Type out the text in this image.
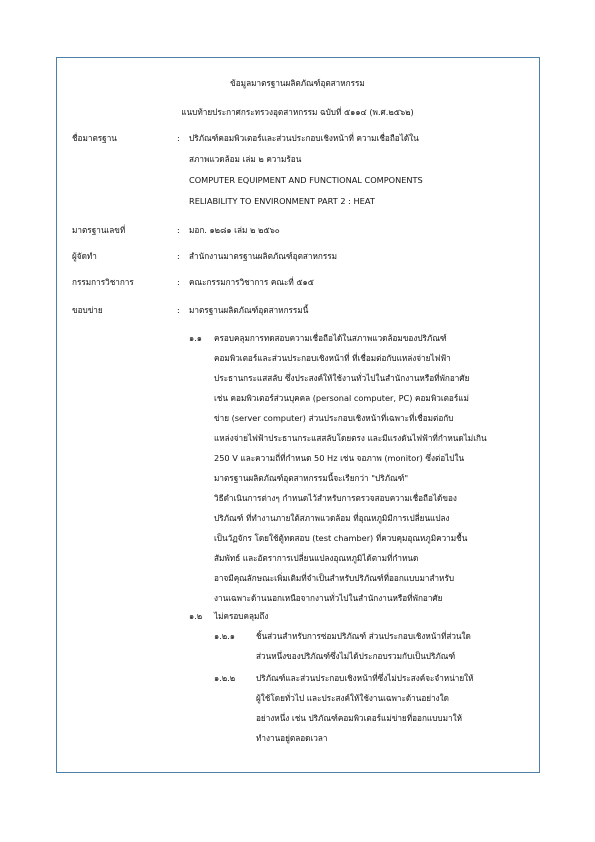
ข้อมูลมาตรฐานผลิตภัณฑ์อุตสาหกรรม
แนบท้ายประกาศกระทรวงอุตสาหกรรม ฉบับที่ ๕๑๑๔ (พ.ศ.๒๕๖๒)
ชื่อมาตรฐาน	: ปริภัณฑ์คอมพิวเตอร์และส่วนประกอบเชิงหน้าที่ ความเชื่อถือได้ใน
สภาพแวดล้อม เล่ม ๒ ความร้อน
COMPUTER EQUIPMENT AND FUNCTIONAL COMPONENTS
RELIABILITY TO ENVIRONMENT PART 2 : HEAT
มาตรฐานเลขที่	: มอก. ๑๒๘๑ เล่ม ๒ ๒๕๖๐
ผู้จัดทำ	: สำนักงานมาตรฐานผลิตภัณฑ์อุตสาหกรรม
กรรมการวิชาการ	: คณะกรรมการวิชาการ คณะที่ ๕๑๕
ขอบข่าย	: มาตรฐานผลิตภัณฑ์อุตสาหกรรมนี้
๑.๑ ครอบคลุมการทดสอบความเชื่อถือได้ในสภาพแวดล้อมของปริภัณฑ์
คอมพิวเตอร์และส่วนประกอบเชิงหน้าที่ ที่เชื่อมต่อกับแหล่งจ่ายไฟฟ้า
ประธานกระแสสลับ ซึ่งประสงค์ให้ใช้งานทั่วไปในสำนักงานหรือที่พักอาศัย
เช่น คอมพิวเตอร์ส่วนบุคคล (personal computer, PC) คอมพิวเตอร์แม่
ข่าย (server computer) ส่วนประกอบเชิงหน้าที่เฉพาะที่เชื่อมต่อกับ
แหล่งจ่ายไฟฟ้าประธานกระแสสลับโดยตรง และมีแรงดันไฟฟ้าที่กำหนดไม่เกิน
250 V และความถี่ที่กำหนด 50 Hz เช่น จอภาพ (monitor) ซึ่งต่อไปใน
มาตรฐานผลิตภัณฑ์อุตสาหกรรมนี้จะเรียกว่า "ปริภัณฑ์"
วิธีดำเนินการต่างๆ กำหนดไว้สำหรับการตรวจสอบความเชื่อถือได้ของ
ปริภัณฑ์ ที่ทำงานภายใต้สภาพแวดล้อม ที่อุณหภูมิมีการเปลี่ยนแปลง
เป็นวัฏจักร โดยใช้ตู้ทดสอบ (test chamber) ที่ควบคุมอุณหภูมิความชื้น
สัมพัทธ์ และอัตราการเปลี่ยนแปลงอุณหภูมิได้ตามที่กำหนด
อาจมีคุณลักษณะเพิ่มเติมที่จำเป็นสำหรับปริภัณฑ์ที่ออกแบบมาสำหรับ
งานเฉพาะด้านนอกเหนือจากงานทั่วไปในสำนักงานหรือที่พักอาศัย
๑.๒ ไม่ครอบคลุมถึง
๑.๒.๑	ชิ้นส่วนสำหรับการซ่อมปริภัณฑ์ ส่วนประกอบเชิงหน้าที่ส่วนใด
ส่วนหนึ่งของปริภัณฑ์ซึ่งไม่ได้ประกอบรวมกับเป็นปริภัณฑ์
๑.๒.๒	ปริภัณฑ์และส่วนประกอบเชิงหน้าที่ซึ่งไม่ประสงค์จะจำหน่ายให้
ผู้ใช้โดยทั่วไป และประสงค์ให้ใช้งานเฉพาะด้านอย่างใด
อย่างหนึ่ง เช่น ปริภัณฑ์คอมพิวเตอร์แม่ข่ายที่ออกแบบมาให้
ทำงานอยู่ตลอดเวลา
